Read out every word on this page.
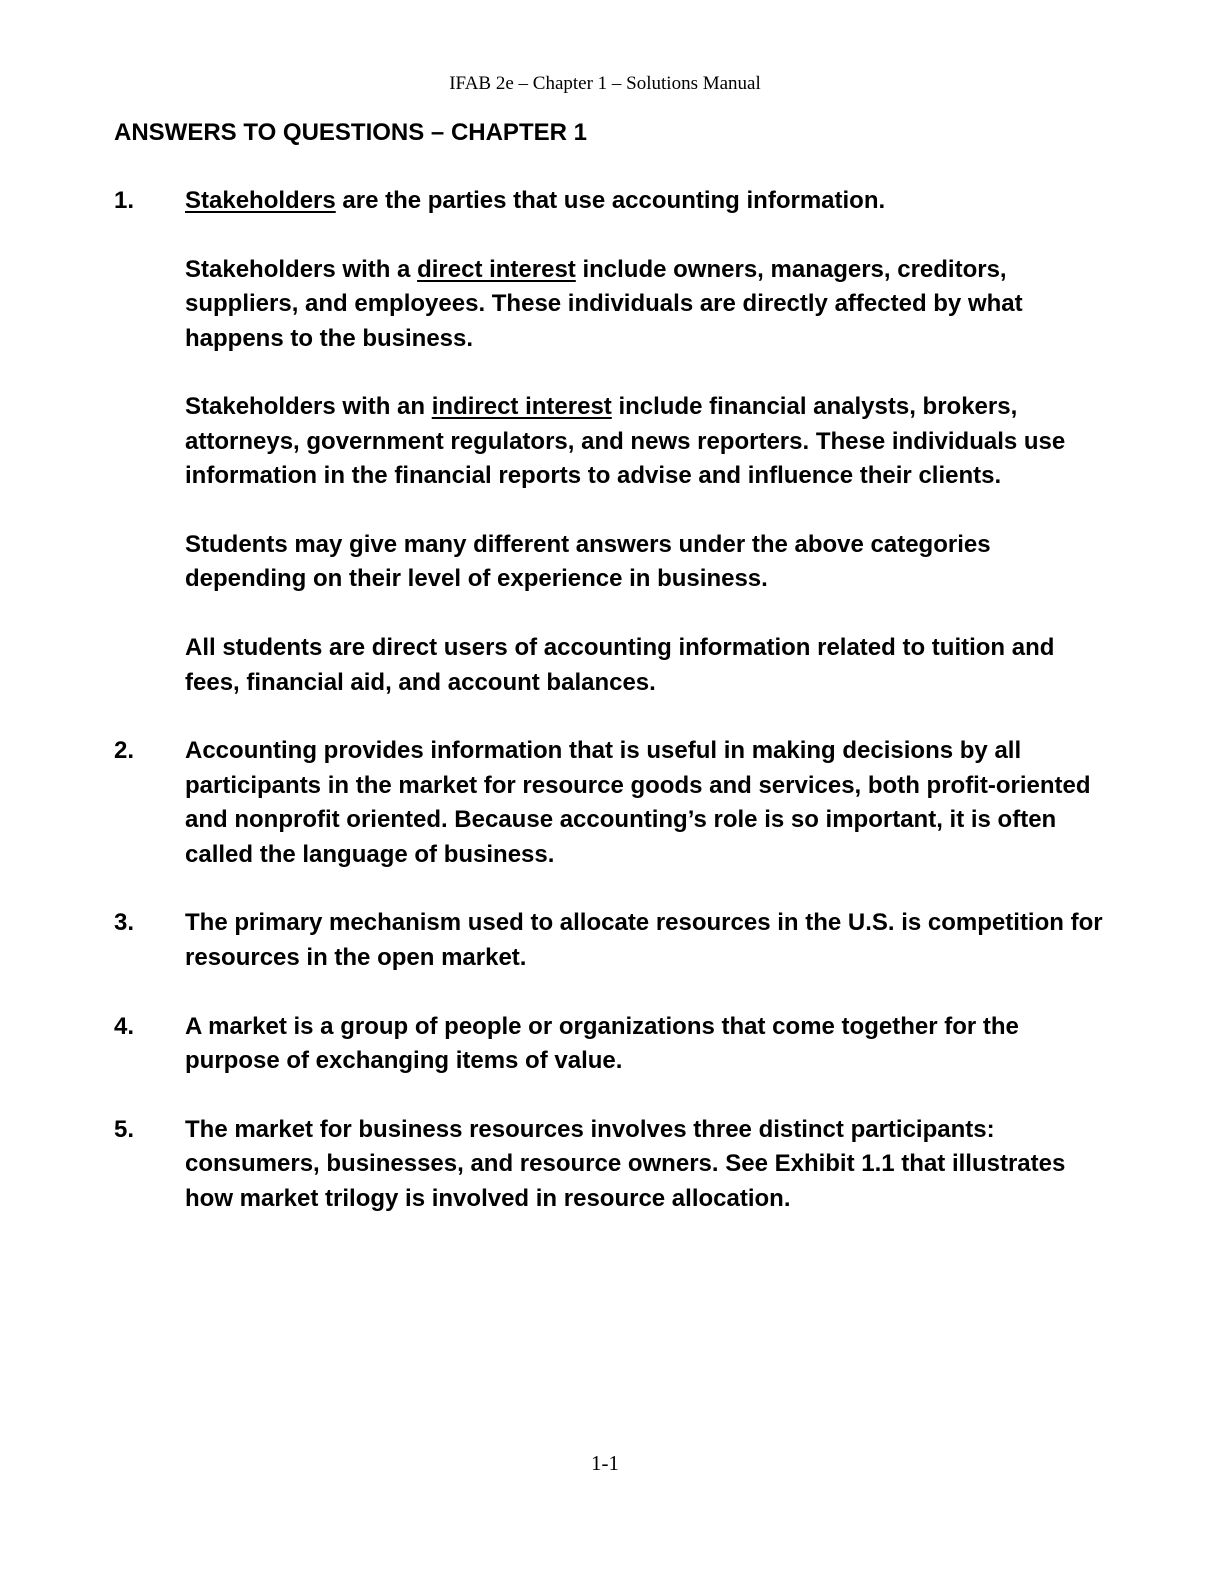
IFAB 2e – Chapter 1 – Solutions Manual
ANSWERS TO QUESTIONS – CHAPTER 1
1.	Stakeholders are the parties that use accounting information.

Stakeholders with a direct interest include owners, managers, creditors, suppliers, and employees. These individuals are directly affected by what happens to the business.

Stakeholders with an indirect interest include financial analysts, brokers, attorneys, government regulators, and news reporters. These individuals use information in the financial reports to advise and influence their clients.

Students may give many different answers under the above categories depending on their level of experience in business.

All students are direct users of accounting information related to tuition and fees, financial aid, and account balances.

2.	Accounting provides information that is useful in making decisions by all participants in the market for resource goods and services, both profit-oriented and nonprofit oriented. Because accounting’s role is so important, it is often called the language of business.

3.	The primary mechanism used to allocate resources in the U.S. is competition for resources in the open market.

4.	A market is a group of people or organizations that come together for the purpose of exchanging items of value.

5.	The market for business resources involves three distinct participants: consumers, businesses, and resource owners. See Exhibit 1.1 that illustrates how market trilogy is involved in resource allocation.

1-1
